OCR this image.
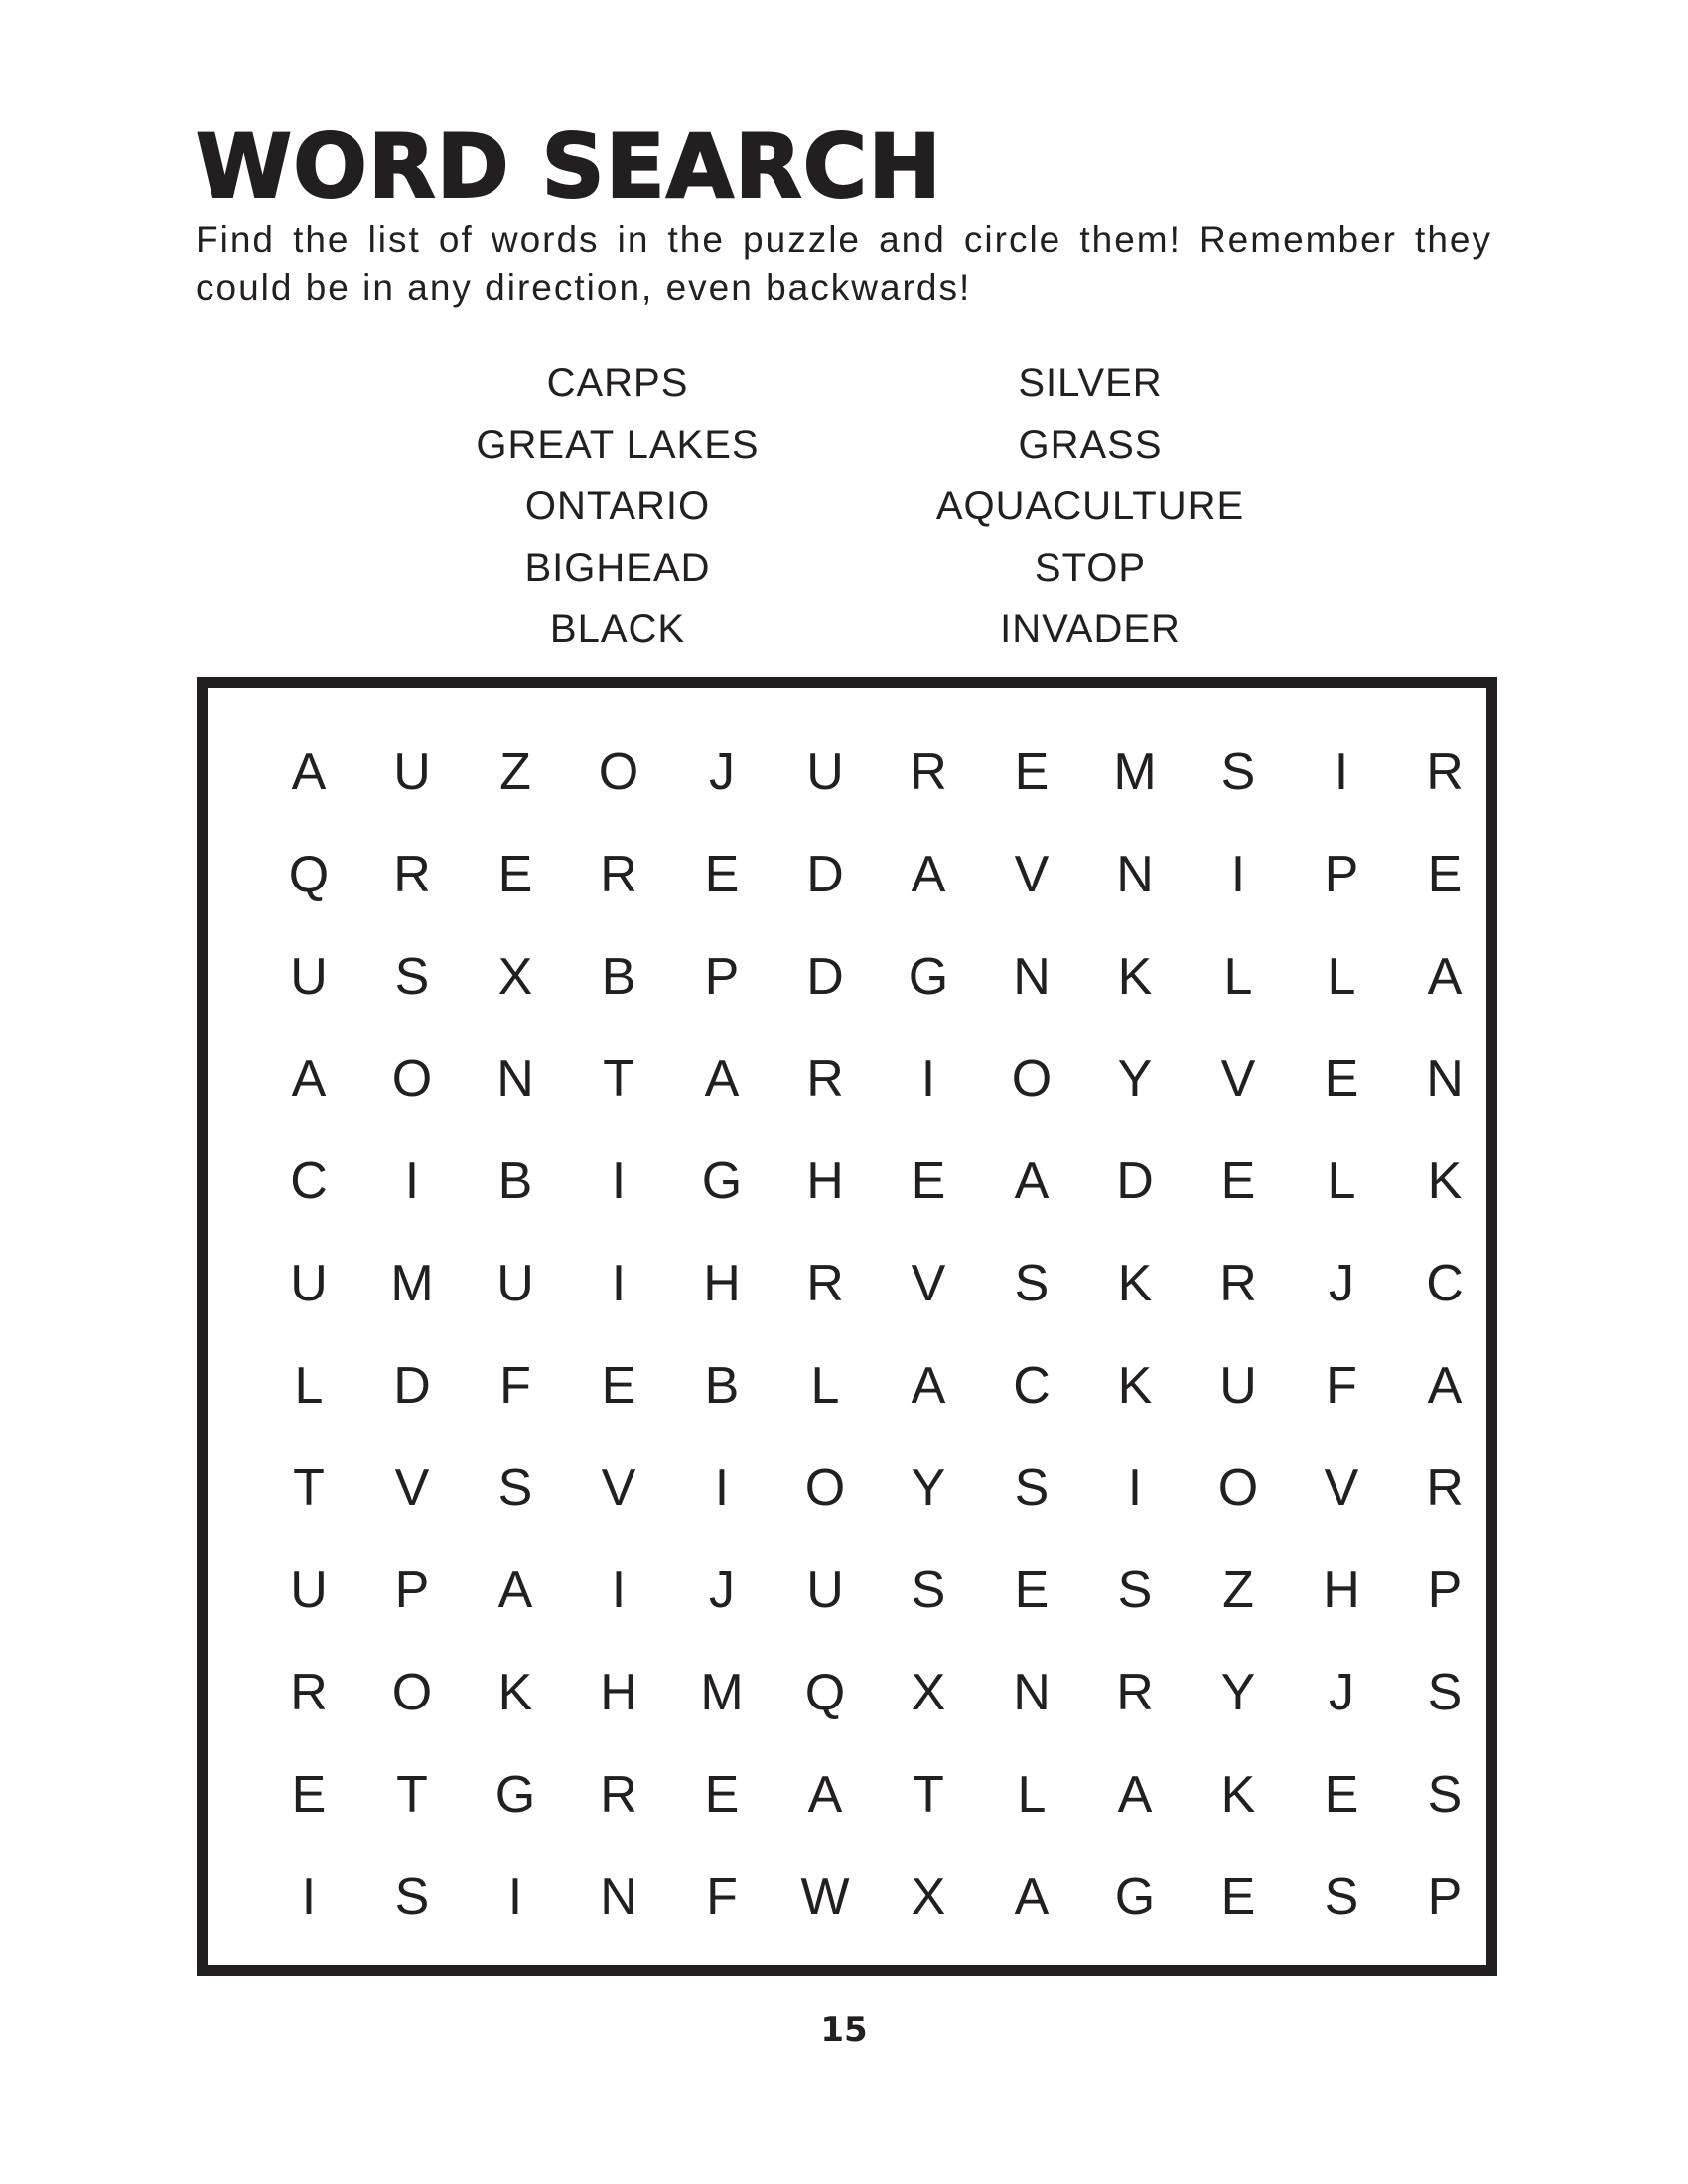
WORD SEARCH

Find the list of words in the puzzle and circle them! Remember they could be in any direction, even backwards!

CARPS
GREAT LAKES
ONTARIO
BIGHEAD
BLACK
SILVER
GRASS
AQUACULTURE
STOP
INVADER
A	U	Z	O	J	U	R	E	M	S	I	R
Q	R	E	R	E	D	A	V	N	I	P	E
U	S	X	B	P	D	G	N	K	L	L	A
A	O	N	T	A	R	I	O	Y	V	E	N
C	I	B	I	G	H	E	A	D	E	L	K
U	M	U	I	H	R	V	S	K	R	J	C
L	D	F	E	B	L	A	C	K	U	F	A
T	V	S	V	I	O	Y	S	I	O	V	R
U	P	A	I	J	U	S	E	S	Z	H	P
R	O	K	H	M	Q	X	N	R	Y	J	S
E	T	G	R	E	A	T	L	A	K	E	S
I	S	I	N	F	W	X	A	G	E	S	P
15
